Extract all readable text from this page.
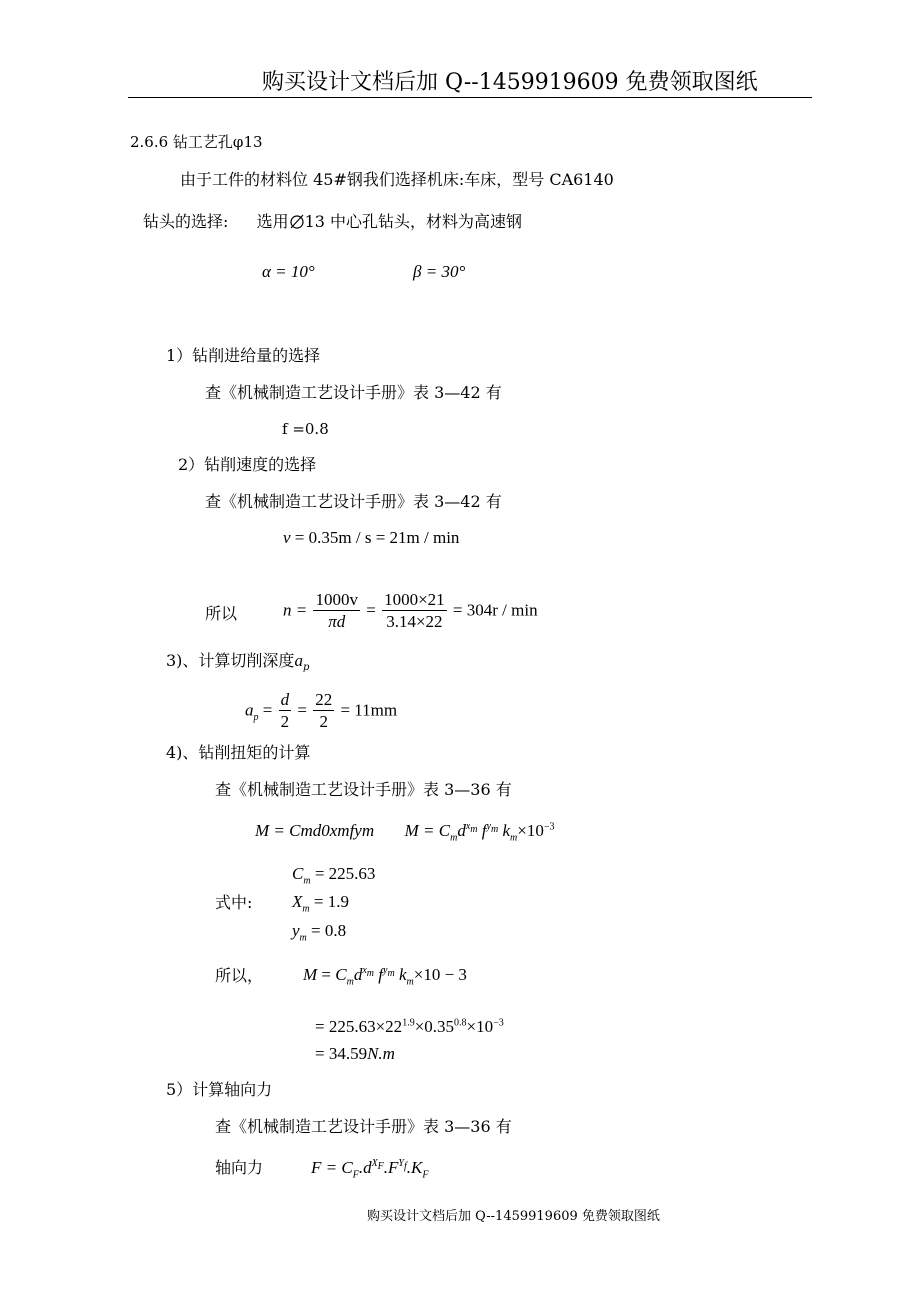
购买设计文档后加 Q--1459919609 免费领取图纸
2.6.6 钻工艺孔φ13
由于工件的材料位 45#钢我们选择机床:车床，型号 CA6140
钻头的选择: 选用 13 中心孔钻头，材料为高速钢
α = 10°	β = 30°
1）钻削进给量的选择
查《机械制造工艺设计手册》表 3—42 有
f =0.8
2）钻削速度的选择
查《机械制造工艺设计手册》表 3—42 有
v = 0.35m / s = 21m / min
所以	$n = \frac{1000v}{\pi d} = \frac{1000\times 21}{3.14\times 22} = 304r / \min$
3)、计算切削深度$a_p$
$a_p = \frac{d}{2} = \frac{22}{2} = 11mm$
4)、钻削扭矩的计算
查《机械制造工艺设计手册》表 3—36 有
M = Cmd0xmfym $M = C_md^{x_m}$ $f^{y_m}$ $k_m\times 10^{-3}$
$C_m = 225.63$
式中: $X_m = 1.9$
$y_m = 0.8$
所以， $M = C_md^{x_m}$ $f^{y_m}$ $k_m\times 10 - 3$
= $225.63\times 22^{1.9}\times 0.35^{0.8}\times 10^{-3}$
= 34.59N.m
5）计算轴向力
查《机械制造工艺设计手册》表 3—36 有
轴向力	$F = C_F.d^{X_F}.F^{Y_f}.K_F$
购买设计文档后加 Q--1459919609 免费领取图纸
